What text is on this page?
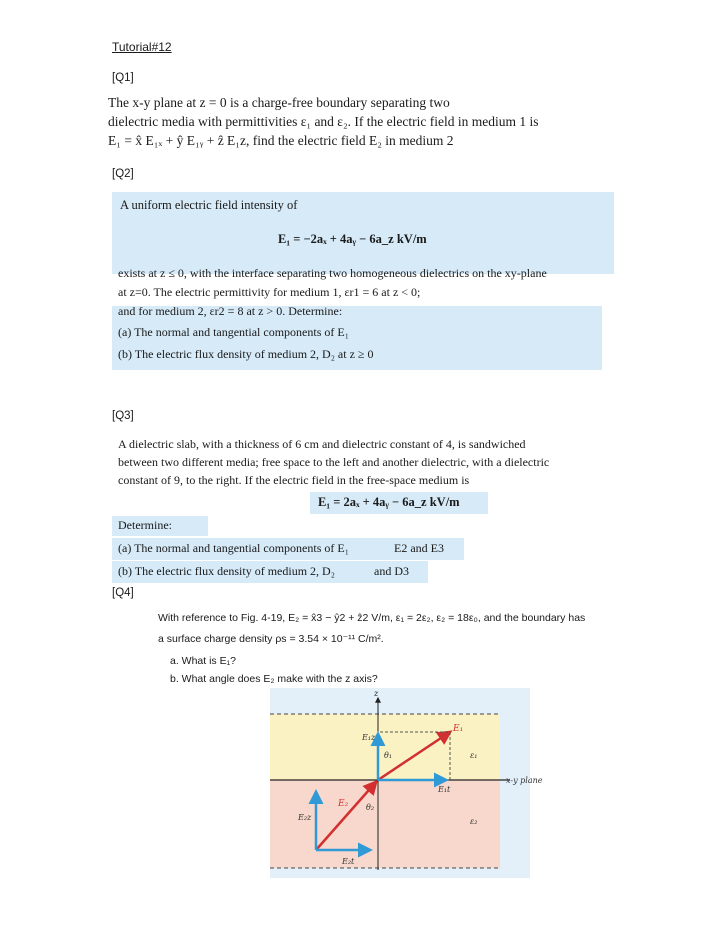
Tutorial#12
[Q1]
The x-y plane at z = 0 is a charge-free boundary separating two
dielectric media with permittivities ε₁ and ε₂. If the electric field in medium 1 is
E₁ = x̂ E₁ₓ + ŷ E₁ᵧ + ẑ E₁z, find the electric field E₂ in medium 2
[Q2]
A uniform electric field intensity of
E₁ = −2aₓ + 4aᵧ − 6a_z kV/m
exists at z ≤ 0, with the interface separating two homogeneous dielectrics on the xy-plane
at z=0. The electric permittivity for medium 1, εr1 = 6 at z < 0;
and for medium 2, εr2 = 8 at z > 0. Determine:
(a) The normal and tangential components of E₁
(b) The electric flux density of medium 2, D₂ at z ≥ 0
[Q3]
A dielectric slab, with a thickness of 6 cm and dielectric constant of 4, is sandwiched
between two different media; free space to the left and another dielectric, with a dielectric
constant of 9, to the right. If the electric field in the free-space medium is
E₁ = 2aₓ + 4aᵧ − 6a_z kV/m
Determine:
(a) The normal and tangential components of E₁	E2 and E3
(b) The electric flux density of medium 2, D₂	and D3
[Q4]
With reference to Fig. 4-19, E₂ = x̂3 − ŷ2 + ẑ2 V/m, ε₁ = 2ε₂, ε₂ = 18ε₀, and the boundary has
a surface charge density ρs = 3.54 × 10⁻¹¹ C/m².
a. What is E₁?
b. What angle does E₂ make with the z axis?
z
x-y plane
E₁
E₁z
E₁t
θ₁	ε₁
E₂
E₂z
E₂t
θ₂
ε₂
